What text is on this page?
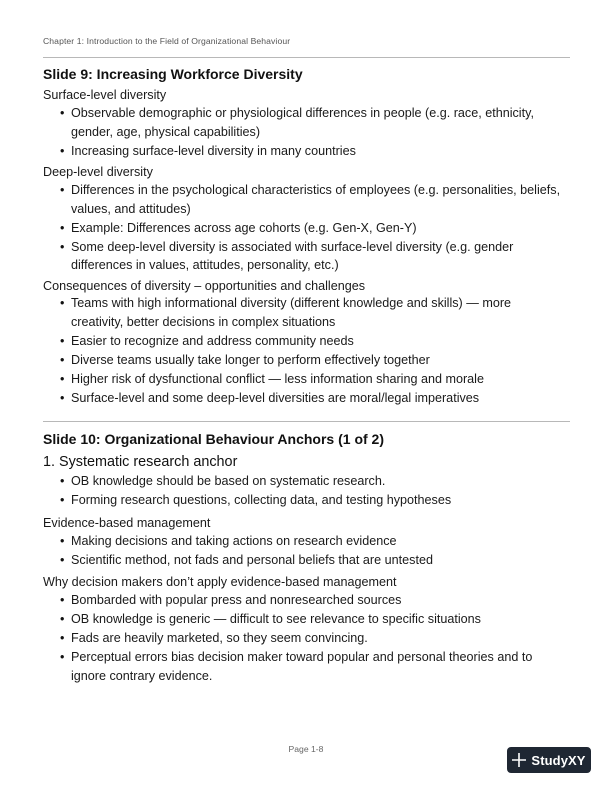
Chapter 1: Introduction to the Field of Organizational Behaviour
Slide 9: Increasing Workforce Diversity
Surface-level diversity
• Observable demographic or physiological differences in people (e.g. race, ethnicity, gender, age, physical capabilities)
• Increasing surface-level diversity in many countries
Deep-level diversity
• Differences in the psychological characteristics of employees (e.g. personalities, beliefs, values, and attitudes)
• Example: Differences across age cohorts (e.g. Gen-X, Gen-Y)
• Some deep-level diversity is associated with surface-level diversity (e.g. gender differences in values, attitudes, personality, etc.)
Consequences of diversity – opportunities and challenges
• Teams with high informational diversity (different knowledge and skills) — more creativity, better decisions in complex situations
• Easier to recognize and address community needs
• Diverse teams usually take longer to perform effectively together
• Higher risk of dysfunctional conflict — less information sharing and morale
• Surface-level and some deep-level diversities are moral/legal imperatives
Slide 10: Organizational Behaviour Anchors (1 of 2)
1. Systematic research anchor
• OB knowledge should be based on systematic research.
• Forming research questions, collecting data, and testing hypotheses
Evidence-based management
• Making decisions and taking actions on research evidence
• Scientific method, not fads and personal beliefs that are untested
Why decision makers don’t apply evidence-based management
• Bombarded with popular press and nonresearched sources
• OB knowledge is generic — difficult to see relevance to specific situations
• Fads are heavily marketed, so they seem convincing.
• Perceptual errors bias decision maker toward popular and personal theories and to ignore contrary evidence.
Page 1-8
StudyXY
